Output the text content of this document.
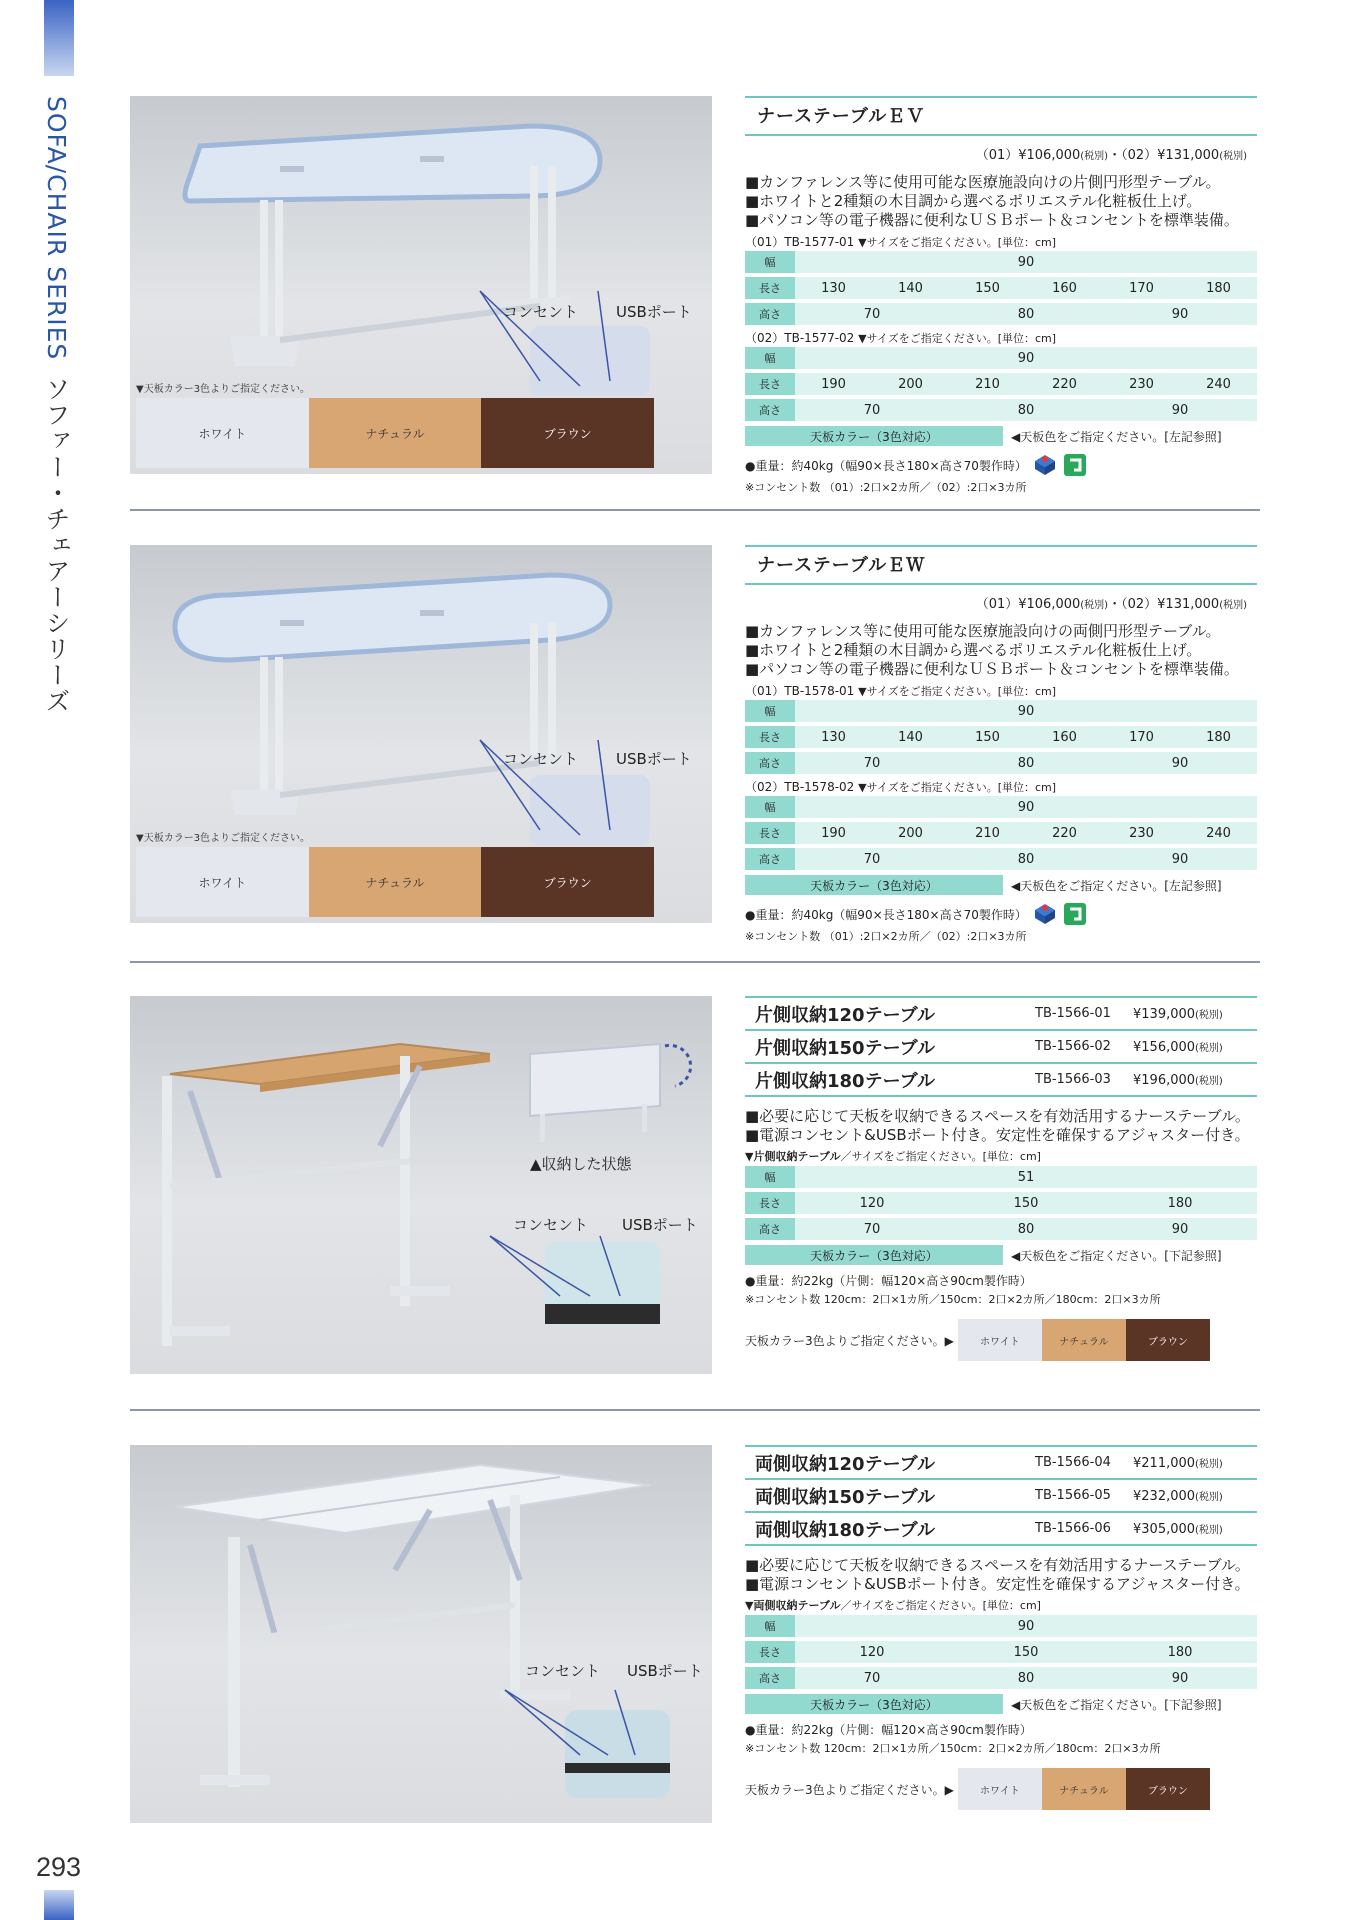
SOFA/CHAIR SERIESソファー・チェアーシリーズ
293
コンセント	USBポート
▼天板カラー3色よりご指定ください。
ホワイト	ナチュラル	ブラウン
ナーステーブルＥＶ
（01）¥106,000(税別)・（02）¥131,000(税別)
■カンファレンス等に使用可能な医療施設向けの片側円形型テーブル。
■ホワイトと2種類の木目調から選べるポリエステル化粧板仕上げ。
■パソコン等の電子機器に便利なＵＳＢポート＆コンセントを標準装備。
（01）TB-1577-01 ▼サイズをご指定ください。[単位：cm]
幅	90
長さ	130	140	150	160	170	180
高さ	70	80	90
（02）TB-1577-02 ▼サイズをご指定ください。[単位：cm]
幅	90
長さ	190	200	210	220	230	240
高さ	70	80	90
天板カラー（3色対応）	◀天板色をご指定ください。[左記参照]
●重量：約40kg（幅90×長さ180×高さ70製作時）
※コンセント数 （01）:2口×2カ所／（02）:2口×3カ所
コンセント	USBポート
▼天板カラー3色よりご指定ください。
ホワイト	ナチュラル	ブラウン
ナーステーブルＥＷ
（01）¥106,000(税別)・（02）¥131,000(税別)
■カンファレンス等に使用可能な医療施設向けの両側円形型テーブル。
■ホワイトと2種類の木目調から選べるポリエステル化粧板仕上げ。
■パソコン等の電子機器に便利なＵＳＢポート＆コンセントを標準装備。
（01）TB-1578-01 ▼サイズをご指定ください。[単位：cm]
幅	90
長さ	130	140	150	160	170	180
高さ	70	80	90
（02）TB-1578-02 ▼サイズをご指定ください。[単位：cm]
幅	90
長さ	190	200	210	220	230	240
高さ	70	80	90
天板カラー（3色対応）	◀天板色をご指定ください。[左記参照]
●重量：約40kg（幅90×長さ180×高さ70製作時）
※コンセント数 （01）:2口×2カ所／（02）:2口×3カ所
▲収納した状態
コンセント USBポート
片側収納120テーブル	TB-1566-01	¥139,000(税別)
片側収納150テーブル	TB-1566-02	¥156,000(税別)
片側収納180テーブル	TB-1566-03	¥196,000(税別)
■必要に応じて天板を収納できるスペースを有効活用するナーステーブル。
■電源コンセント&USBポート付き。安定性を確保するアジャスター付き。
▼片側収納テーブル／サイズをご指定ください。[単位：cm]
幅	51
長さ	120	150	180
高さ	70	80	90
天板カラー（3色対応）	◀天板色をご指定ください。[下記参照]
●重量：約22kg（片側：幅120×高さ90cm製作時）
※コンセント数 120cm：2口×1カ所／150cm：2口×2カ所／180cm：2口×3カ所
天板カラー3色よりご指定ください。▶	ホワイト	ナチュラル	ブラウン
コンセント USBポート
両側収納120テーブル	TB-1566-04	¥211,000(税別)
両側収納150テーブル	TB-1566-05	¥232,000(税別)
両側収納180テーブル	TB-1566-06	¥305,000(税別)
■必要に応じて天板を収納できるスペースを有効活用するナーステーブル。
■電源コンセント&USBポート付き。安定性を確保するアジャスター付き。
▼両側収納テーブル／サイズをご指定ください。[単位：cm]
幅	90
長さ	120	150	180
高さ	70	80	90
天板カラー（3色対応）	◀天板色をご指定ください。[下記参照]
●重量：約22kg（片側：幅120×高さ90cm製作時）
※コンセント数 120cm：2口×1カ所／150cm：2口×2カ所／180cm：2口×3カ所
天板カラー3色よりご指定ください。▶	ホワイト	ナチュラル	ブラウン
